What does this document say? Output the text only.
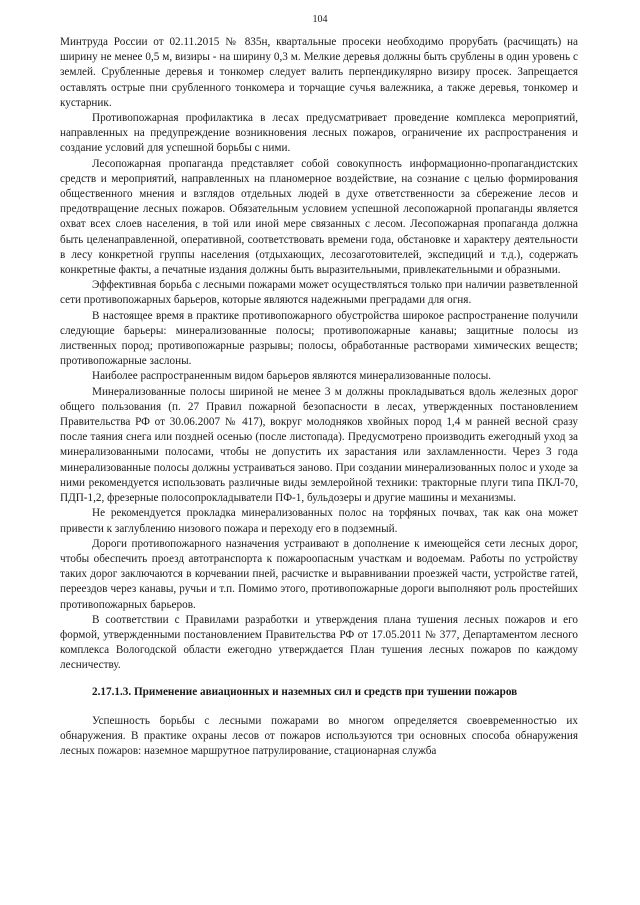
104

Минтруда России от 02.11.2015 № 835н, квартальные просеки необходимо прорубать (расчищать) на ширину не менее 0,5 м, визиры - на ширину 0,3 м. Мелкие деревья должны быть срублены в один уровень с землей. Срубленные деревья и тонкомер следует валить перпендикулярно визиру просек. Запрещается оставлять острые пни срубленного тонкомера и торчащие сучья валежника, а также деревья, тонкомер и кустарник.

Противопожарная профилактика в лесах предусматривает проведение комплекса мероприятий, направленных на предупреждение возникновения лесных пожаров, ограничение их распространения и создание условий для успешной борьбы с ними.

Лесопожарная пропаганда представляет собой совокупность информационно-пропагандистских средств и мероприятий, направленных на планомерное воздействие, на сознание с целью формирования общественного мнения и взглядов отдельных людей в духе ответственности за сбережение лесов и предотвращение лесных пожаров. Обязательным условием успешной лесопожарной пропаганды является охват всех слоев населения, в той или иной мере связанных с лесом. Лесопожарная пропаганда должна быть целенаправленной, оперативной, соответствовать времени года, обстановке и характеру деятельности в лесу конкретной группы населения (отдыхающих, лесозаготовителей, экспедиций и т.д.), содержать конкретные факты, а печатные издания должны быть выразительными, привлекательными и образными.

Эффективная борьба с лесными пожарами может осуществляться только при наличии разветвленной сети противопожарных барьеров, которые являются надежными преградами для огня.

В настоящее время в практике противопожарного обустройства широкое распространение получили следующие барьеры: минерализованные полосы; противопожарные канавы; защитные полосы из лиственных пород; противопожарные разрывы; полосы, обработанные растворами химических веществ; противопожарные заслоны.

Наиболее распространенным видом барьеров являются минерализованные полосы.

Минерализованные полосы шириной не менее 3 м должны прокладываться вдоль железных дорог общего пользования (п. 27 Правил пожарной безопасности в лесах, утвержденных постановлением Правительства РФ от 30.06.2007 № 417), вокруг молодняков хвойных пород 1,4 м ранней весной сразу после таяния снега или поздней осенью (после листопада). Предусмотрено производить ежегодный уход за минерализованными полосами, чтобы не допустить их зарастания или захламленности. Через 3 года минерализованные полосы должны устраиваться заново. При создании минерализованных полос и уходе за ними рекомендуется использовать различные виды землеройной техники: тракторные плуги типа ПКЛ-70, ПДП-1,2, фрезерные полосопрокладыватели ПФ-1, бульдозеры и другие машины и механизмы.

Не рекомендуется прокладка минерализованных полос на торфяных почвах, так как она может привести к заглублению низового пожара и переходу его в подземный.

Дороги противопожарного назначения устраивают в дополнение к имеющейся сети лесных дорог, чтобы обеспечить проезд автотранспорта к пожароопасным участкам и водоемам. Работы по устройству таких дорог заключаются в корчевании пней, расчистке и выравнивании проезжей части, устройстве гатей, переездов через канавы, ручьи и т.п. Помимо этого, противопожарные дороги выполняют роль простейших противопожарных барьеров.

В соответствии с Правилами разработки и утверждения плана тушения лесных пожаров и его формой, утвержденными постановлением Правительства РФ от 17.05.2011 № 377, Департаментом лесного комплекса Вологодской области ежегодно утверждается План тушения лесных пожаров по каждому лесничеству.

2.17.1.3. Применение авиационных и наземных сил и средств при тушении пожаров

Успешность борьбы с лесными пожарами во многом определяется своевременностью их обнаружения. В практике охраны лесов от пожаров используются три основных способа обнаружения лесных пожаров: наземное маршрутное патрулирование, стационарная служба
